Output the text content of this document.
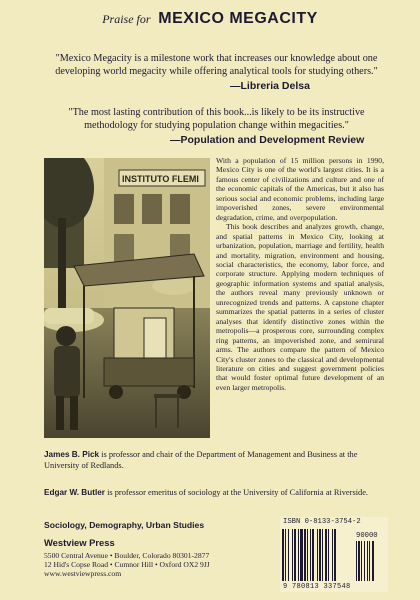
Praise for MEXICO MEGACITY
"Mexico Megacity is a milestone work that increases our knowledge about one
developing world megacity while offering analytical tools for studying others."
—Libreria Delsa
"The most lasting contribution of this book...is likely to be its instructive
methodology for studying population change within megacities."
—Population and Development Review
INSTITUTO FLEMI

With a population of 15 million persons in 1990, Mexico City is one of the world's largest cities. It is a famous center of civilizations and culture and one of the economic capitals of the Americas, but it also has serious social and economic problems, including large impoverished zones, severe environmental degradation, crime, and overpopulation.

This book describes and analyzes growth, change, and spatial patterns in Mexico City, looking at urbanization, population, marriage and fertility, health and mortality, migration, environment and housing, social characteristics, the economy, labor force, and corporate structure. Applying modern techniques of geographic information systems and spatial analysis, the authors reveal many previously unknown or unrecognized trends and patterns. A capstone chapter summarizes the spatial patterns in a series of cluster analyses that identify distinctive zones within the metropolis—a prosperous core, surrounding complex ring patterns, an impoverished zone, and semirural arms. The authors compare the pattern of Mexico City's cluster zones to the classical and developmental literature on cities and suggest government policies that would foster optimal future development of an even larger metropolis.

James B. Pick is professor and chair of the Department of Management and Business at the University of Redlands.
Edgar W. Butler is professor emeritus of sociology at the University of California at Riverside.
Sociology, Demography, Urban Studies
Westview Press
5500 Central Avenue • Boulder, Colorado 80301-2877
12 Hid's Copse Road • Cumnor Hill • Oxford OX2 9JJ
www.westviewpress.com
ISBN 0-8133-3754-2
90000
9 780813 337548
